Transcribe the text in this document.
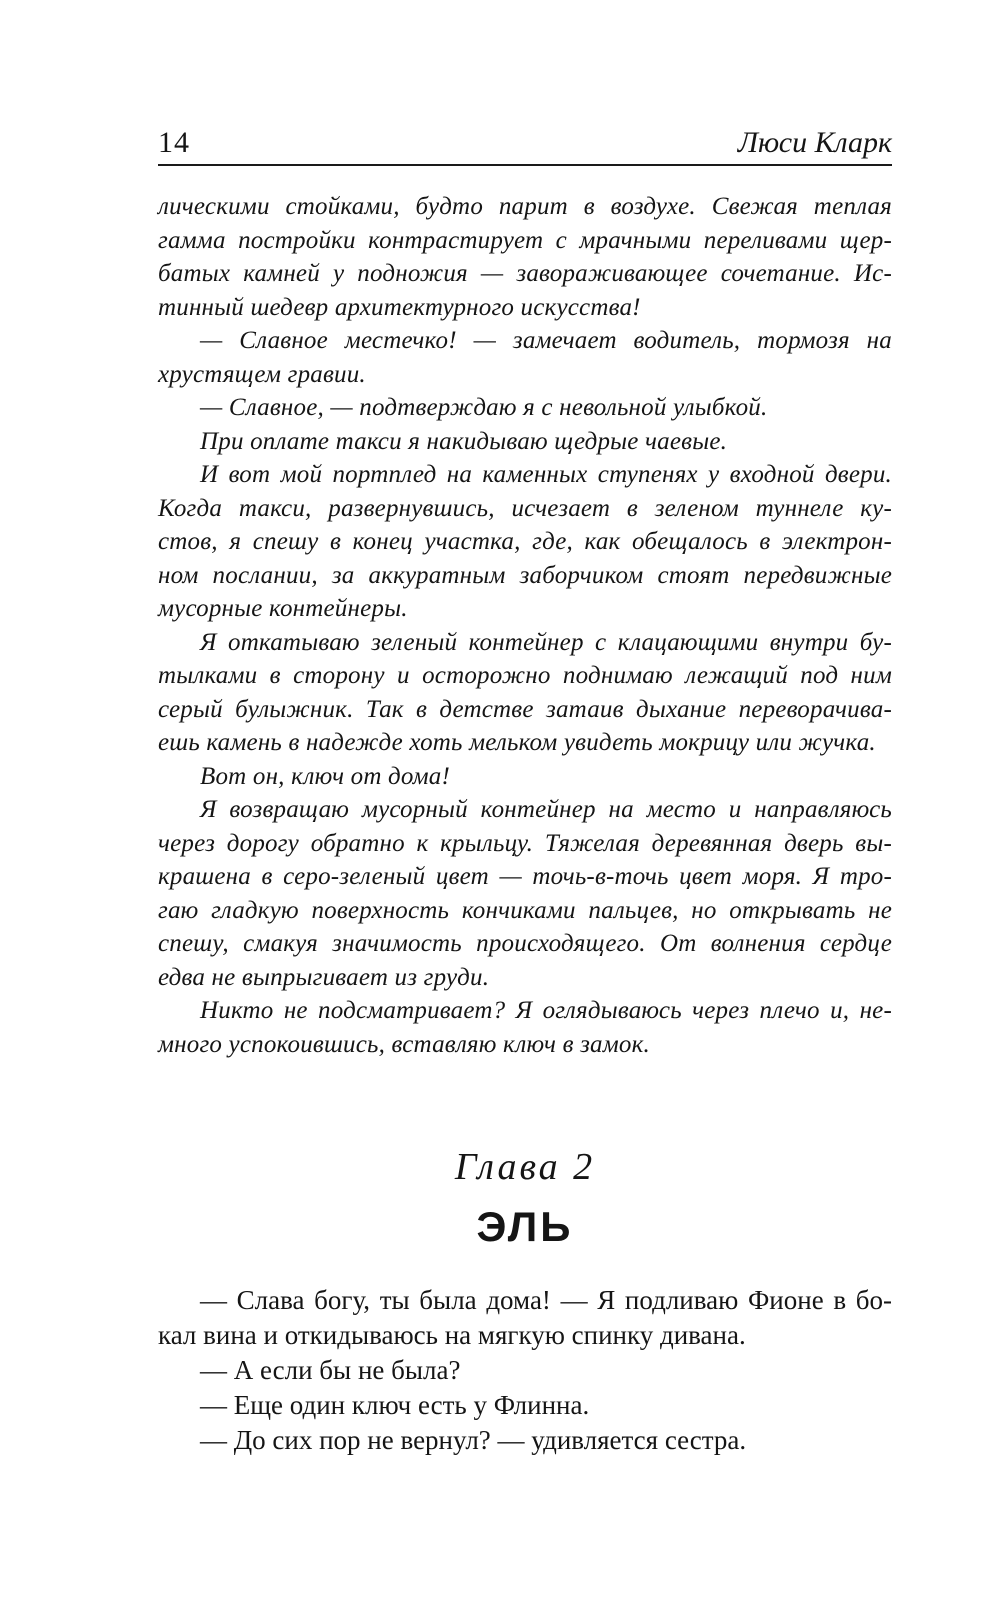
14	Люси Кларк
лическими стойками, будто парит в воздухе. Свежая теплая
гамма постройки контрастирует с мрачными переливами щер-
батых камней у подножия — завораживающее сочетание. Ис-
тинный шедевр архитектурного искусства!
— Славное местечко! — замечает водитель, тормозя на
хрустящем гравии.
— Славное, — подтверждаю я с невольной улыбкой.
При оплате такси я накидываю щедрые чаевые.
И вот мой портплед на каменных ступенях у входной двери.
Когда такси, развернувшись, исчезает в зеленом туннеле ку-
стов, я спешу в конец участка, где, как обещалось в электрон-
ном послании, за аккуратным заборчиком стоят передвижные
мусорные контейнеры.
Я откатываю зеленый контейнер с клацающими внутри бу-
тылками в сторону и осторожно поднимаю лежащий под ним
серый булыжник. Так в детстве затаив дыхание переворачива-
ешь камень в надежде хоть мельком увидеть мокрицу или жучка.
Вот он, ключ от дома!
Я возвращаю мусорный контейнер на место и направляюсь
через дорогу обратно к крыльцу. Тяжелая деревянная дверь вы-
крашена в серо-зеленый цвет — точь-в-точь цвет моря. Я тро-
гаю гладкую поверхность кончиками пальцев, но открывать не
спешу, смакуя значимость происходящего. От волнения сердце
едва не выпрыгивает из груди.
Никто не подсматривает? Я оглядываюсь через плечо и, не-
много успокоившись, вставляю ключ в замок.
Глава 2
ЭЛЬ
— Слава богу, ты была дома! — Я подливаю Фионе в бо-
кал вина и откидываюсь на мягкую спинку дивана.
— А если бы не была?
— Еще один ключ есть у Флинна.
— До сих пор не вернул? — удивляется сестра.
